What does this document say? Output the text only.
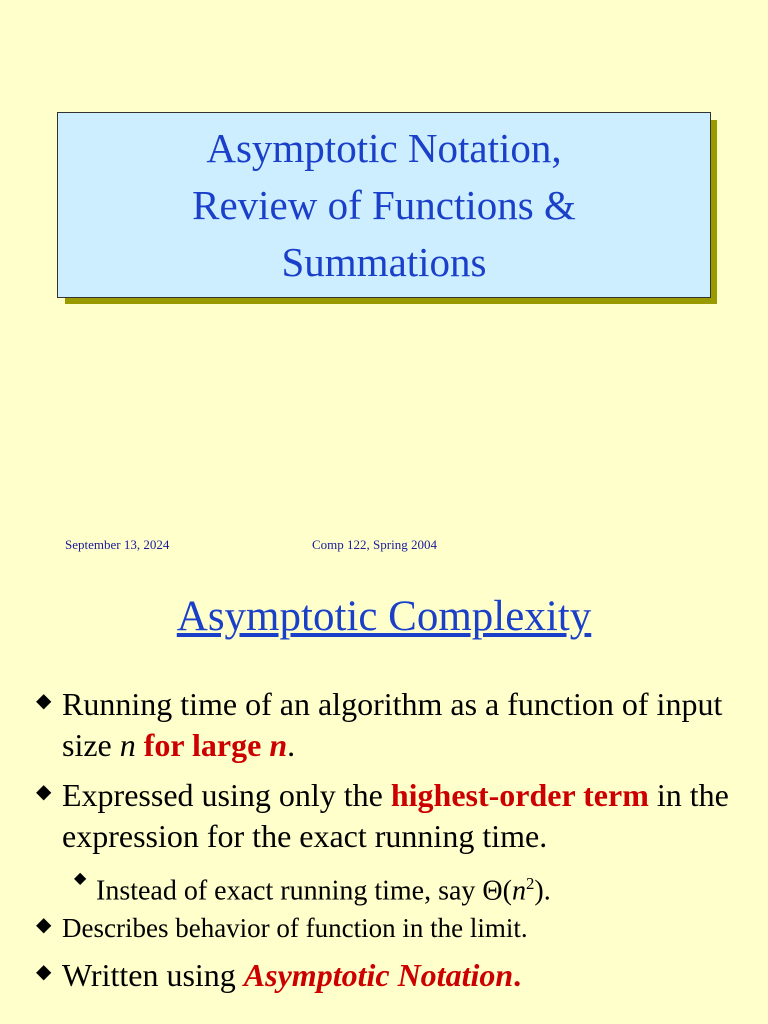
Asymptotic Notation,
Review of Functions &
Summations
September 13, 2024	Comp 122, Spring 2004
Asymptotic Complexity
◆ Running time of an algorithm as a function of input size n for large n.
◆ Expressed using only the highest-order term in the expression for the exact running time.
◆ Instead of exact running time, say $\Theta(n^2)$.
◆ Describes behavior of function in the limit.
◆ Written using Asymptotic Notation.
